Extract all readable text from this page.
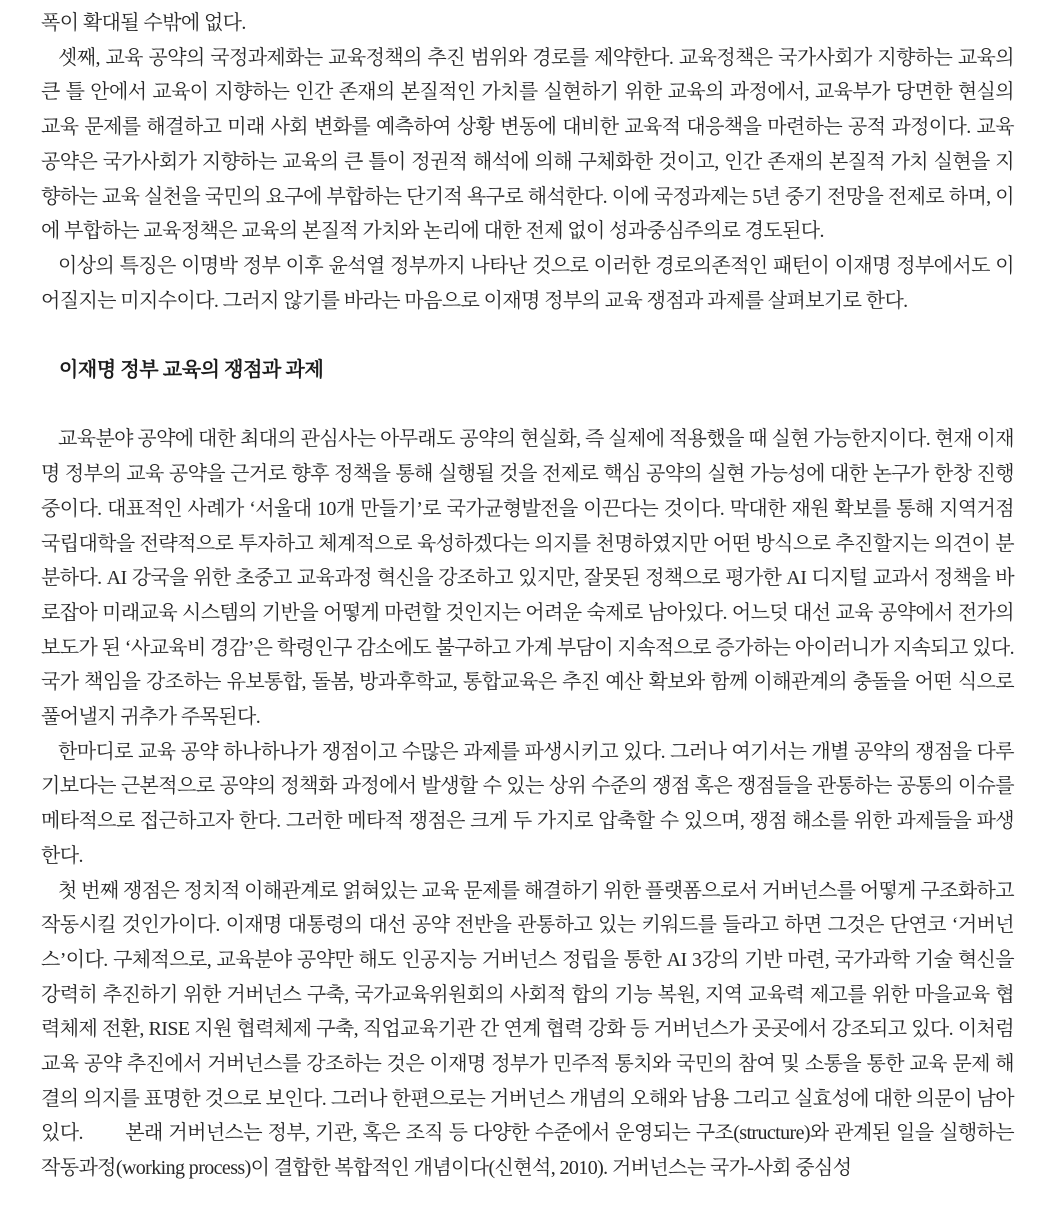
폭이 확대될 수밖에 없다.

셋째, 교육 공약의 국정과제화는 교육정책의 추진 범위와 경로를 제약한다. 교육정책은 국가사회가 지향하는 교육의 큰 틀 안에서 교육이 지향하는 인간 존재의 본질적인 가치를 실현하기 위한 교육의 과정에서, 교육부가 당면한 현실의 교육 문제를 해결하고 미래 사회 변화를 예측하여 상황 변동에 대비한 교육적 대응책을 마련하는 공적 과정이다. 교육 공약은 국가사회가 지향하는 교육의 큰 틀이 정권적 해석에 의해 구체화한 것이고, 인간 존재의 본질적 가치 실현을 지향하는 교육 실천을 국민의 요구에 부합하는 단기적 욕구로 해석한다. 이에 국정과제는 5년 중기 전망을 전제로 하며, 이에 부합하는 교육정책은 교육의 본질적 가치와 논리에 대한 전제 없이 성과중심주의로 경도된다.

이상의 특징은 이명박 정부 이후 윤석열 정부까지 나타난 것으로 이러한 경로의존적인 패턴이 이재명 정부에서도 이어질지는 미지수이다. 그러지 않기를 바라는 마음으로 이재명 정부의 교육 쟁점과 과제를 살펴보기로 한다.

이재명 정부 교육의 쟁점과 과제

교육분야 공약에 대한 최대의 관심사는 아무래도 공약의 현실화, 즉 실제에 적용했을 때 실현 가능한지이다. 현재 이재명 정부의 교육 공약을 근거로 향후 정책을 통해 실행될 것을 전제로 핵심 공약의 실현 가능성에 대한 논구가 한창 진행 중이다. 대표적인 사례가 ‘서울대 10개 만들기’로 국가균형발전을 이끈다는 것이다. 막대한 재원 확보를 통해 지역거점 국립대학을 전략적으로 투자하고 체계적으로 육성하겠다는 의지를 천명하였지만 어떤 방식으로 추진할지는 의견이 분분하다. AI 강국을 위한 초중고 교육과정 혁신을 강조하고 있지만, 잘못된 정책으로 평가한 AI 디지털 교과서 정책을 바로잡아 미래교육 시스템의 기반을 어떻게 마련할 것인지는 어려운 숙제로 남아있다. 어느덧 대선 교육 공약에서 전가의 보도가 된 ‘사교육비 경감’은 학령인구 감소에도 불구하고 가계 부담이 지속적으로 증가하는 아이러니가 지속되고 있다. 국가 책임을 강조하는 유보통합, 돌봄, 방과후학교, 통합교육은 추진 예산 확보와 함께 이해관계의 충돌을 어떤 식으로 풀어낼지 귀추가 주목된다.

한마디로 교육 공약 하나하나가 쟁점이고 수많은 과제를 파생시키고 있다. 그러나 여기서는 개별 공약의 쟁점을 다루기보다는 근본적으로 공약의 정책화 과정에서 발생할 수 있는 상위 수준의 쟁점 혹은 쟁점들을 관통하는 공통의 이슈를 메타적으로 접근하고자 한다. 그러한 메타적 쟁점은 크게 두 가지로 압축할 수 있으며, 쟁점 해소를 위한 과제들을 파생한다.

첫 번째 쟁점은 정치적 이해관계로 얽혀있는 교육 문제를 해결하기 위한 플랫폼으로서 거버넌스를 어떻게 구조화하고 작동시킬 것인가이다. 이재명 대통령의 대선 공약 전반을 관통하고 있는 키워드를 들라고 하면 그것은 단연코 ‘거버넌스’이다. 구체적으로, 교육분야 공약만 해도 인공지능 거버넌스 정립을 통한 AI 3강의 기반 마련, 국가과학 기술 혁신을 강력히 추진하기 위한 거버넌스 구축, 국가교육위원회의 사회적 합의 기능 복원, 지역 교육력 제고를 위한 마을교육 협력체제 전환, RISE 지원 협력체제 구축, 직업교육기관 간 연계 협력 강화 등 거버넌스가 곳곳에서 강조되고 있다. 이처럼 교육 공약 추진에서 거버넌스를 강조하는 것은 이재명 정부가 민주적 통치와 국민의 참여 및 소통을 통한 교육 문제 해결의 의지를 표명한 것으로 보인다. 그러나 한편으로는 거버넌스 개념의 오해와 남용 그리고 실효성에 대한 의문이 남아있다.　　본래 거버넌스는 정부, 기관, 혹은 조직 등 다양한 수준에서 운영되는 구조(structure)와 관계된 일을 실행하는 작동과정(working process)이 결합한 복합적인 개념이다(신현석, 2010). 거버넌스는 국가-사회 중심성
